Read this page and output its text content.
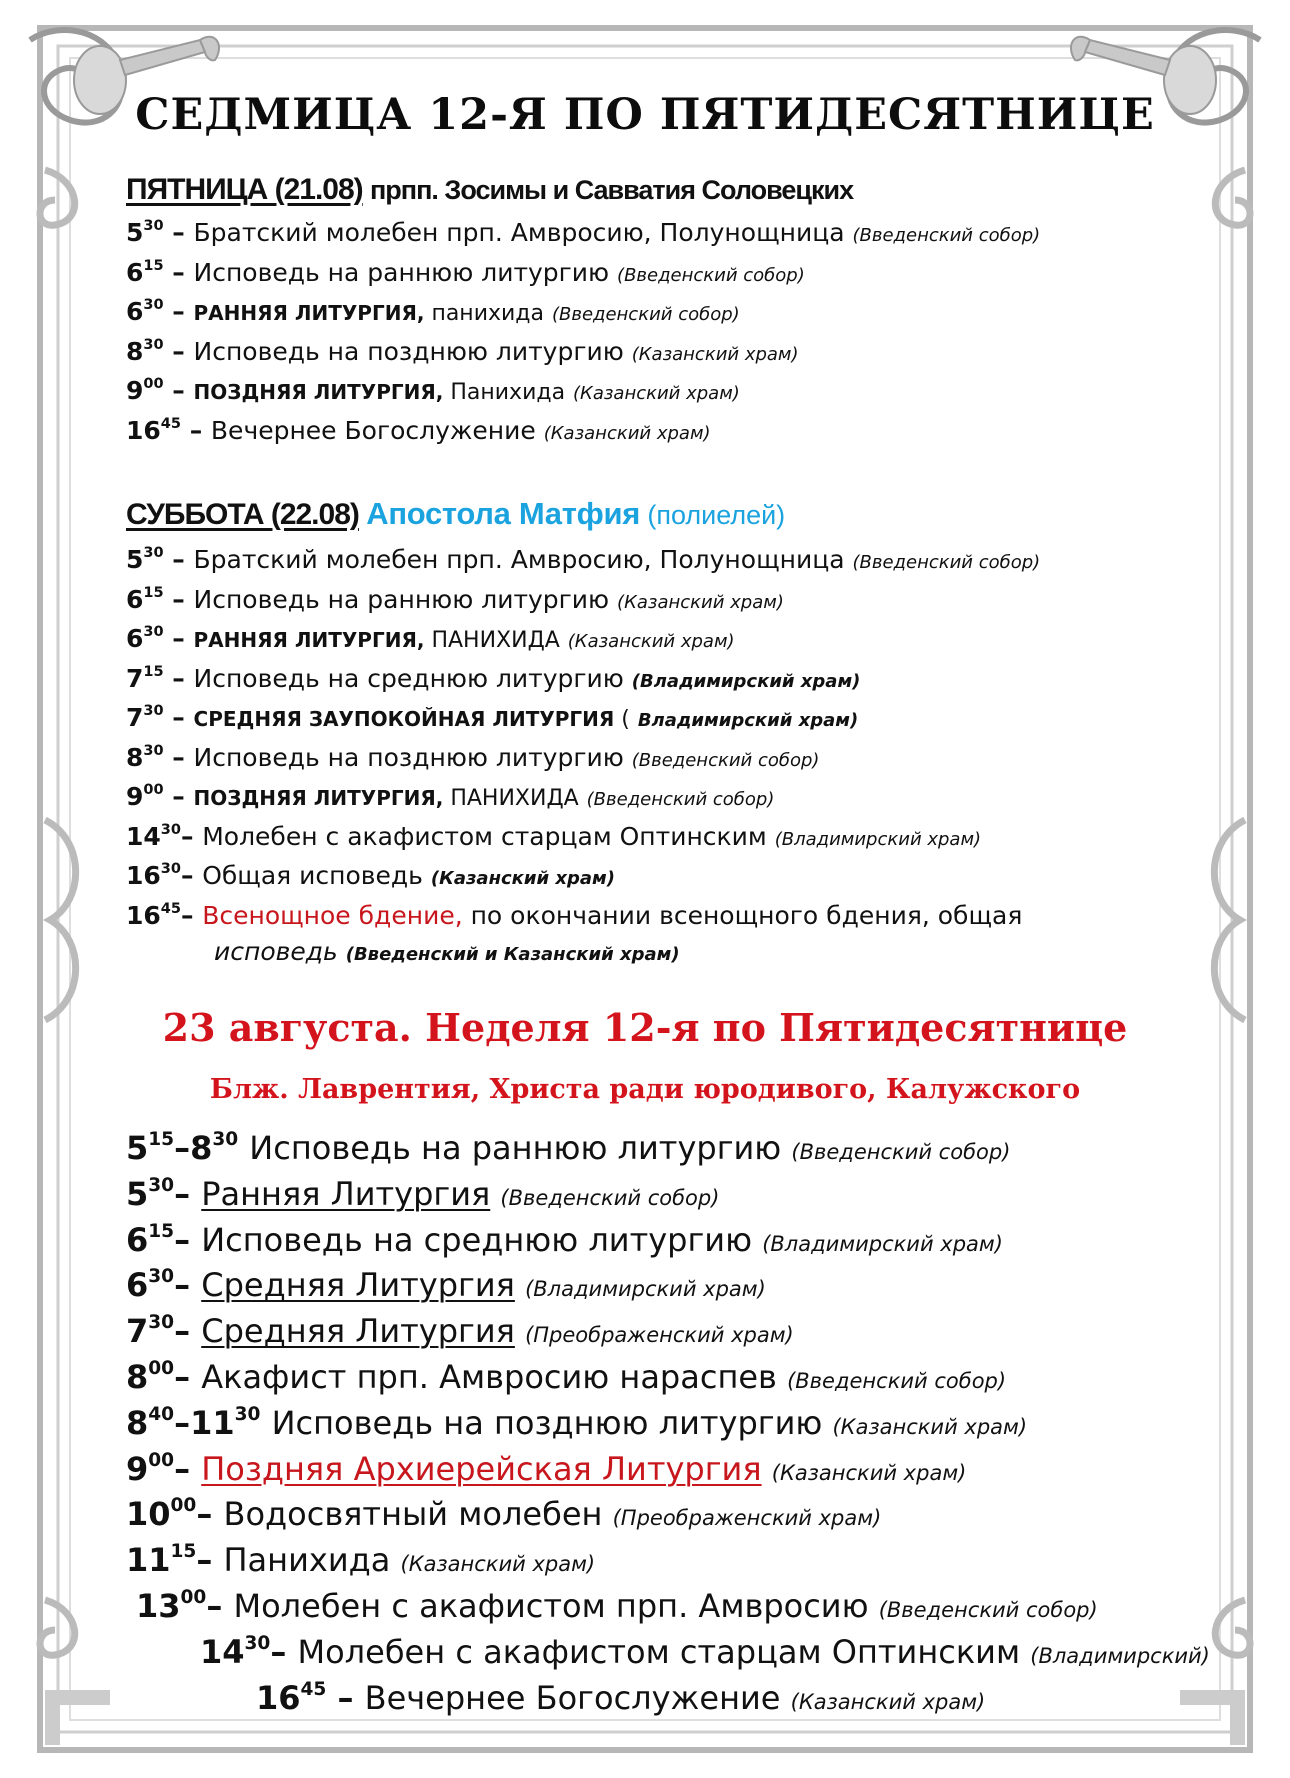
СЕДМИЦА 12-Я ПО ПЯТИДЕСЯТНИЦЕ
ПЯТНИЦА (21.08) прпп. Зосимы и Савватия Соловецких
$5^{30}$ – Братский молебен прп. Амвросию, Полунощница (Введенский собор)
$6^{15}$ – Исповедь на раннюю литургию (Введенский собор)
$6^{30}$ – РАННЯЯ ЛИТУРГИЯ, панихида (Введенский собор)
$8^{30}$ – Исповедь на позднюю литургию (Казанский храм)
$9^{00}$ – ПОЗДНЯЯ ЛИТУРГИЯ, Панихида (Казанский храм)
$16^{45}$ – Вечернее Богослужение (Казанский храм)
СУББОТА (22.08) Апостола Матфия (полиелей)
$5^{30}$ – Братский молебен прп. Амвросию, Полунощница (Введенский собор)
$6^{15}$ – Исповедь на раннюю литургию (Казанский храм)
$6^{30}$ – РАННЯЯ ЛИТУРГИЯ, ПАНИХИДА (Казанский храм)
$7^{15}$ – Исповедь на среднюю литургию (Владимирский храм)
$7^{30}$ – СРЕДНЯЯ ЗАУПОКОЙНАЯ ЛИТУРГИЯ ( Владимирский храм)
$8^{30}$ – Исповедь на позднюю литургию (Введенский собор)
$9^{00}$ – ПОЗДНЯЯ ЛИТУРГИЯ, ПАНИХИДА (Введенский собор)
$14^{30}-$ Молебен с акафистом старцам Оптинским (Владимирский храм)
$16^{30}-$ Общая исповедь (Казанский храм)
$16^{45}-$ Всенощное бдение, по окончании всенощного бдения, общая
исповедь (Введенский и Казанский храм)
23 августа. Неделя 12-я по Пятидесятнице
Блж. Лаврентия, Христа ради юродивого, Калужского
$5^{15}-8^{30}$ Исповедь на раннюю литургию (Введенский собор)
$5^{30}-$ Ранняя Литургия (Введенский собор)
$6^{15}-$ Исповедь на среднюю литургию (Владимирский храм)
$6^{30}-$ Средняя Литургия (Владимирский храм)
$7^{30}-$ Средняя Литургия (Преображенский храм)
$8^{00}-$ Акафист прп. Амвросию нараспев (Введенский собор)
$8^{40}-11^{30}$ Исповедь на позднюю литургию (Казанский храм)
$9^{00}-$ Поздняя Архиерейская Литургия (Казанский храм)
$10^{00}-$ Водосвятный молебен (Преображенский храм)
$11^{15}-$ Панихида (Казанский храм)
$13^{00}-$ Молебен с акафистом прп. Амвросию (Введенский собор)
$14^{30}-$ Молебен с акафистом старцам Оптинским (Владимирский)
$16^{45}$ – Вечернее Богослужение (Казанский храм)
